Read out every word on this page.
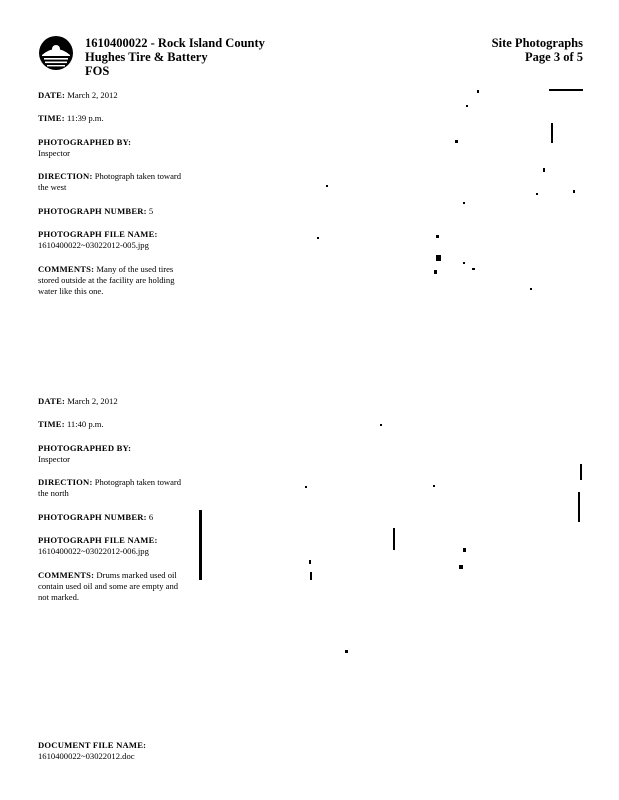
1610400022 - Rock Island County
Hughes Tire & Battery
FOS
Site Photographs
Page 3 of 5
DATE: March 2, 2012
TIME: 11:39 p.m.
PHOTOGRAPHED BY:
Inspector
DIRECTION: Photograph taken toward the west
PHOTOGRAPH NUMBER: 5
PHOTOGRAPH FILE NAME:
1610400022~03022012-005.jpg
COMMENTS: Many of the used tires stored outside at the facility are holding water like this one.
DATE: March 2, 2012
TIME: 11:40 p.m.
PHOTOGRAPHED BY:
Inspector
DIRECTION: Photograph taken toward the north
PHOTOGRAPH NUMBER: 6
PHOTOGRAPH FILE NAME:
1610400022~03022012-006.jpg
COMMENTS: Drums marked used oil contain used oil and some are empty and not marked.
DOCUMENT FILE NAME:
1610400022~03022012.doc
